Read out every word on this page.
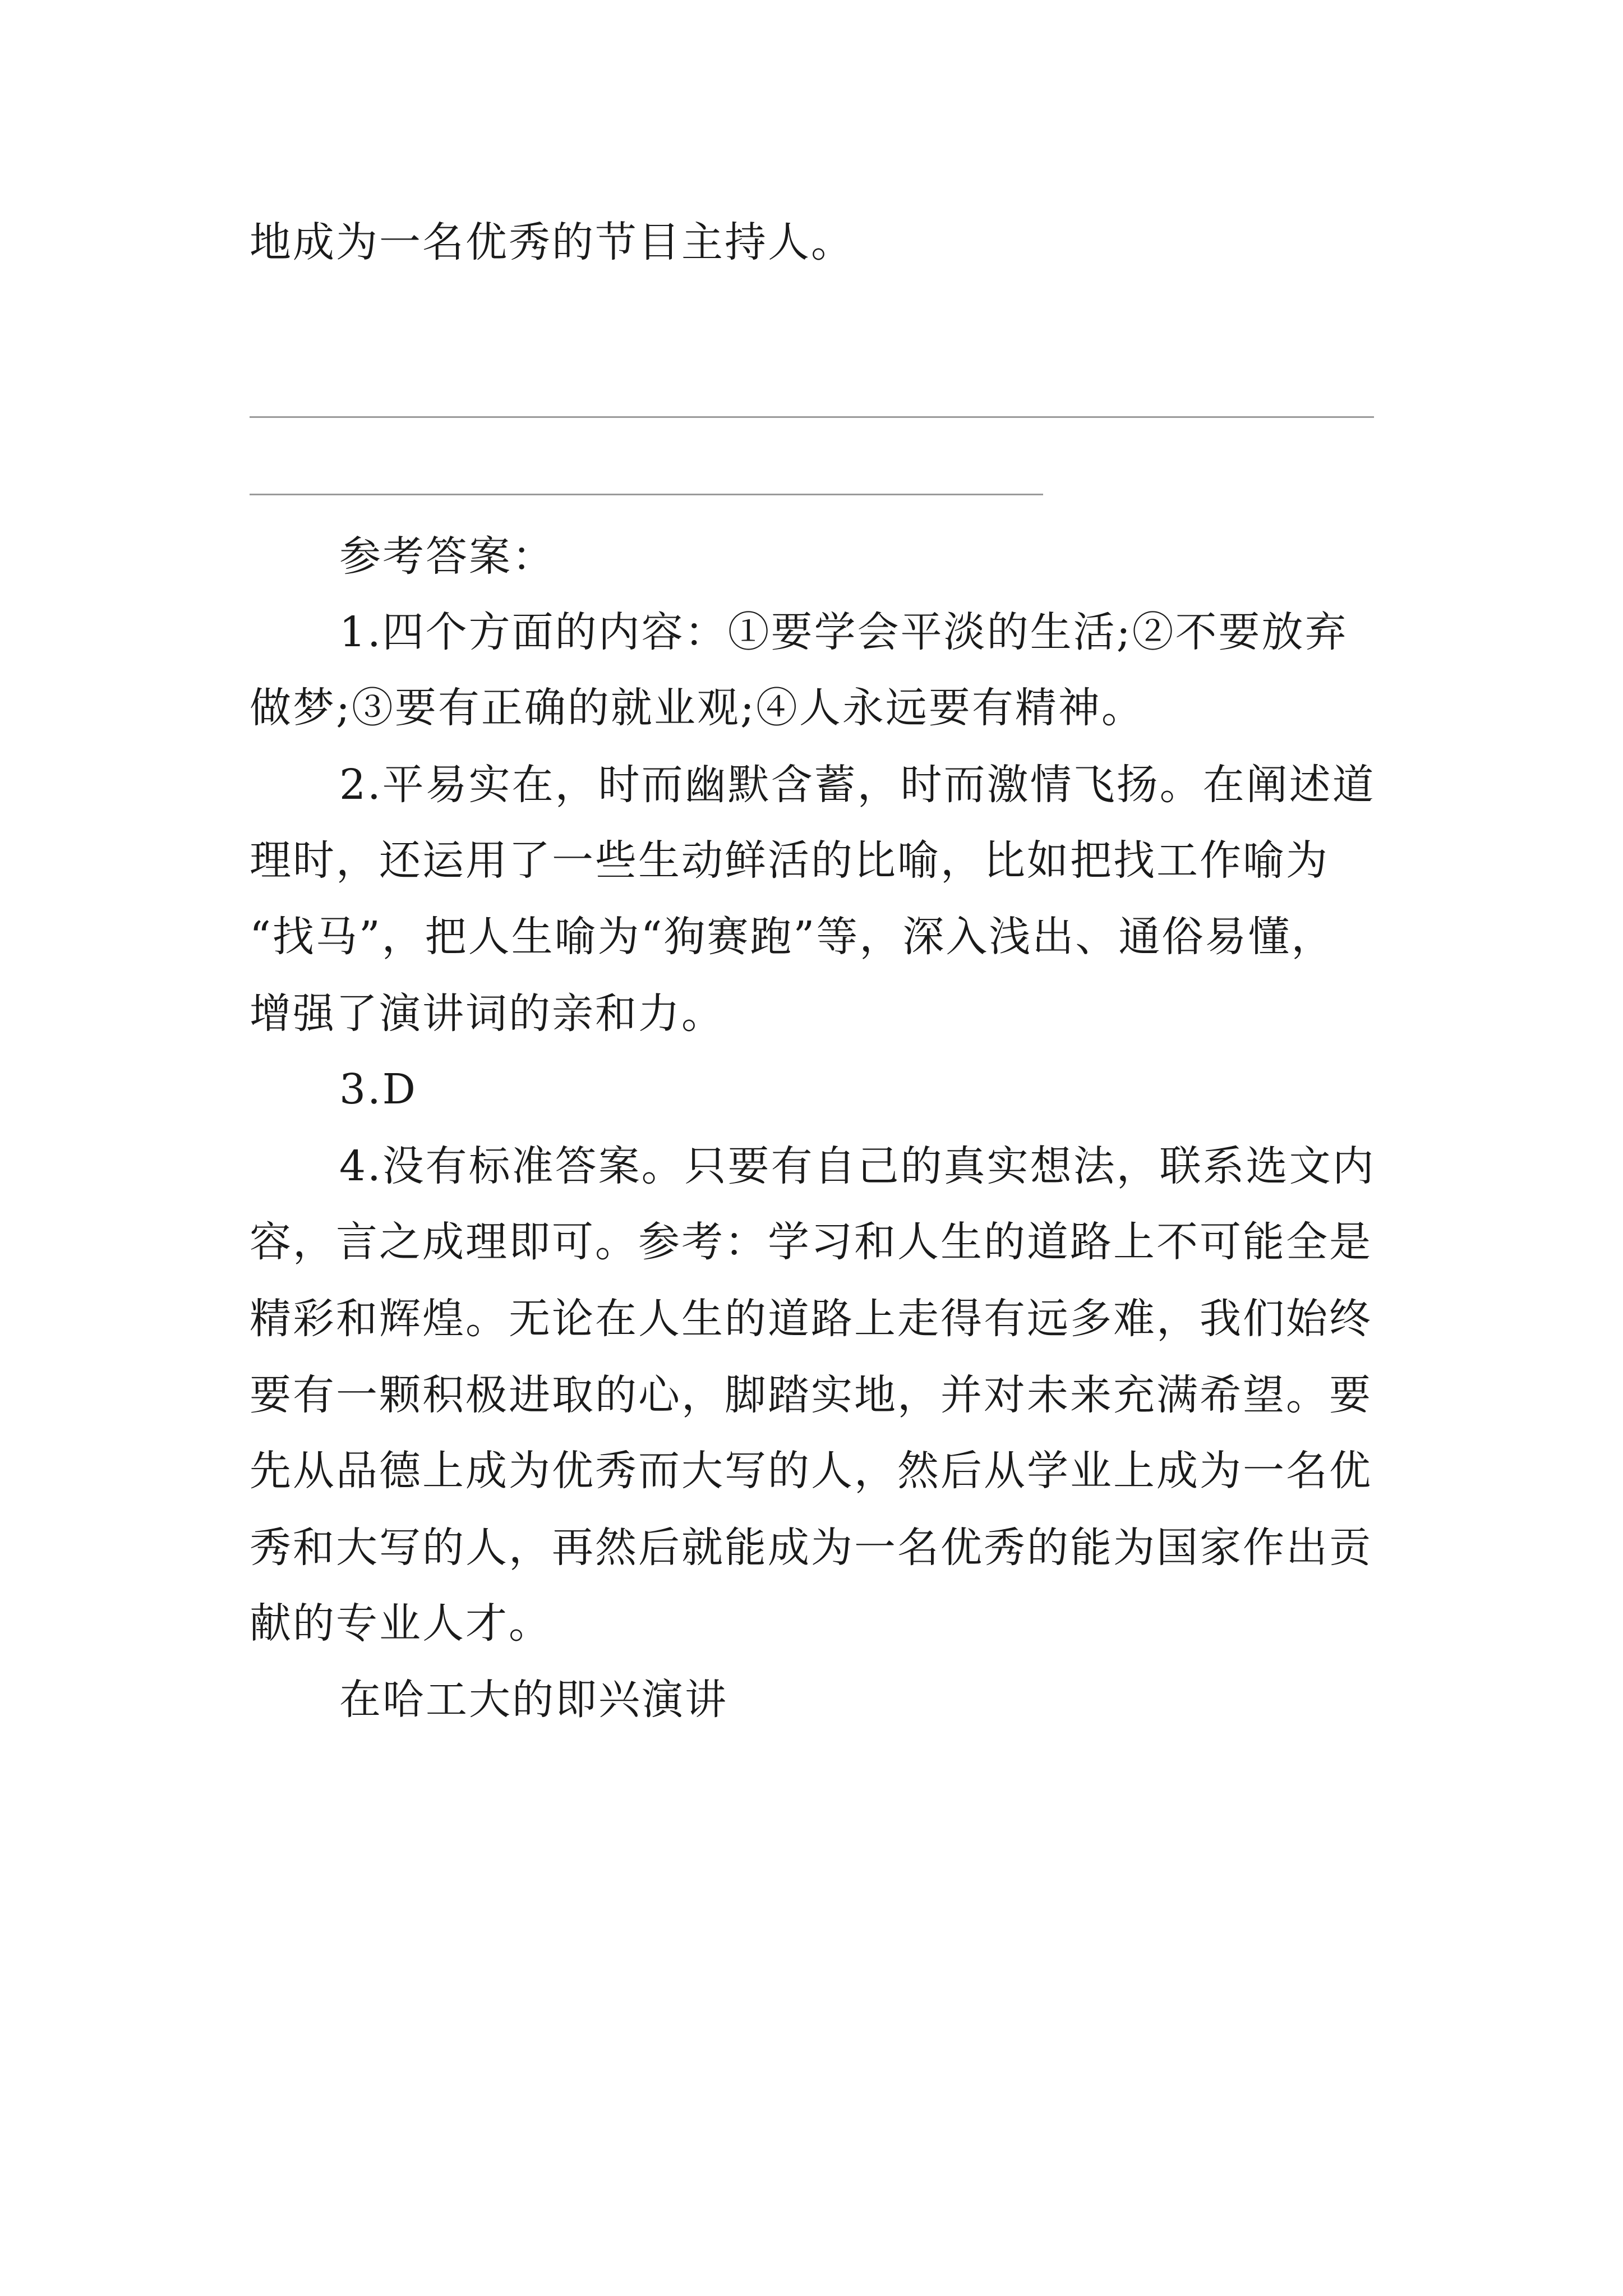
地成为一名优秀的节目主持人。
参考答案：
1.四个方面的内容：①要学会平淡的生活;②不要放弃
做梦;③要有正确的就业观;④人永远要有精神。
2.平易实在，时而幽默含蓄，时而激情飞扬。在阐述道
理时，还运用了一些生动鲜活的比喻，比如把找工作喻为
“找马”，把人生喻为“狗赛跑”等，深入浅出、通俗易懂，
增强了演讲词的亲和力。
3.D
4.没有标准答案。只要有自己的真实想法，联系选文内
容，言之成理即可。参考：学习和人生的道路上不可能全是
精彩和辉煌。无论在人生的道路上走得有远多难，我们始终
要有一颗积极进取的心，脚踏实地，并对未来充满希望。要
先从品德上成为优秀而大写的人，然后从学业上成为一名优
秀和大写的人，再然后就能成为一名优秀的能为国家作出贡
献的专业人才。
在哈工大的即兴演讲
